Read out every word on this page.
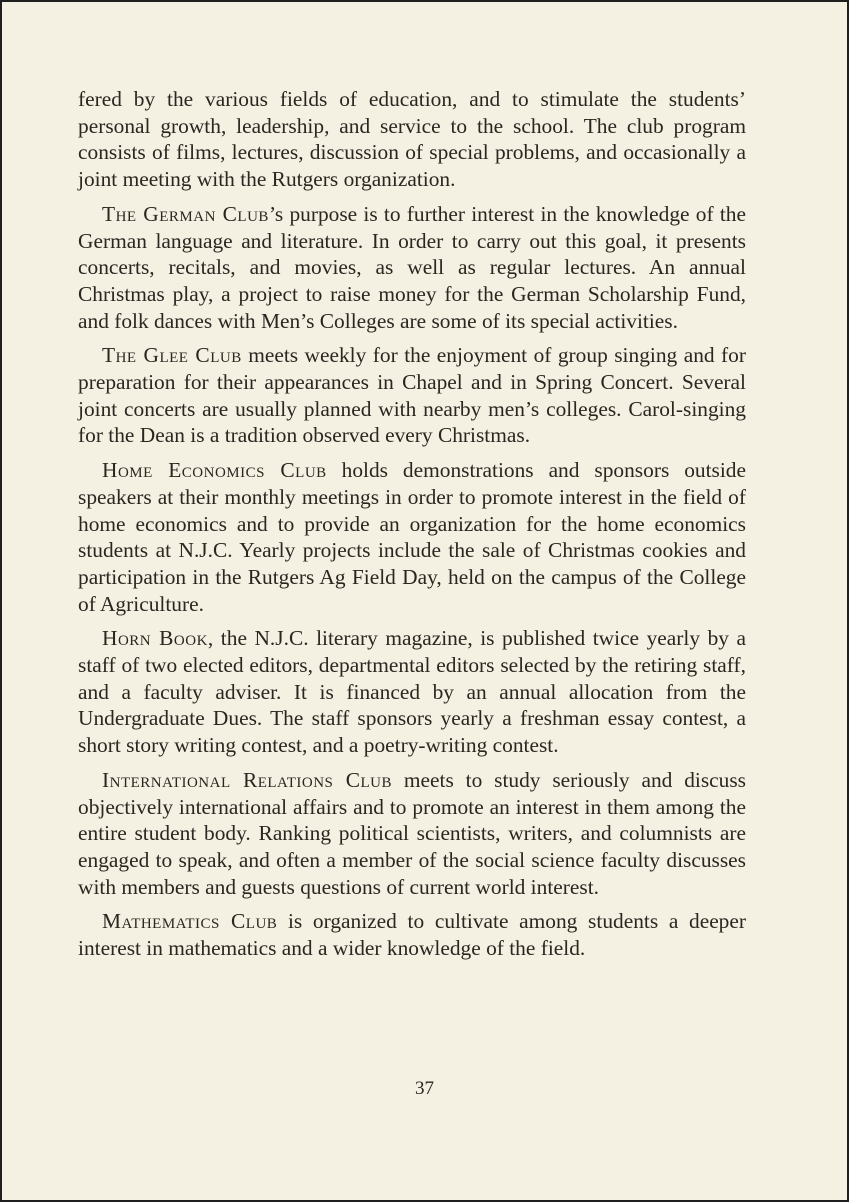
fered by the various fields of education, and to stimulate the students’ personal growth, leadership, and service to the school. The club program consists of films, lectures, discussion of special problems, and occasionally a joint meeting with the Rutgers organization.

The German Club’s purpose is to further interest in the knowledge of the German language and literature. In order to carry out this goal, it presents concerts, recitals, and movies, as well as regular lectures. An annual Christmas play, a project to raise money for the German Scholarship Fund, and folk dances with Men’s Colleges are some of its special activities.

The Glee Club meets weekly for the enjoyment of group singing and for preparation for their appearances in Chapel and in Spring Concert. Several joint concerts are usually planned with nearby men’s colleges. Carol-singing for the Dean is a tradition observed every Christmas.

Home Economics Club holds demonstrations and sponsors outside speakers at their monthly meetings in order to promote interest in the field of home economics and to provide an organization for the home economics students at N.J.C. Yearly projects include the sale of Christmas cookies and participation in the Rutgers Ag Field Day, held on the campus of the College of Agriculture.

Horn Book, the N.J.C. literary magazine, is published twice yearly by a staff of two elected editors, departmental editors selected by the retiring staff, and a faculty adviser. It is financed by an annual allocation from the Undergraduate Dues. The staff sponsors yearly a freshman essay contest, a short story writing contest, and a poetry-writing contest.

International Relations Club meets to study seriously and discuss objectively international affairs and to promote an interest in them among the entire student body. Ranking political scientists, writers, and columnists are engaged to speak, and often a member of the social science faculty discusses with members and guests questions of current world interest.

Mathematics Club is organized to cultivate among students a deeper interest in mathematics and a wider knowledge of the field.

37
